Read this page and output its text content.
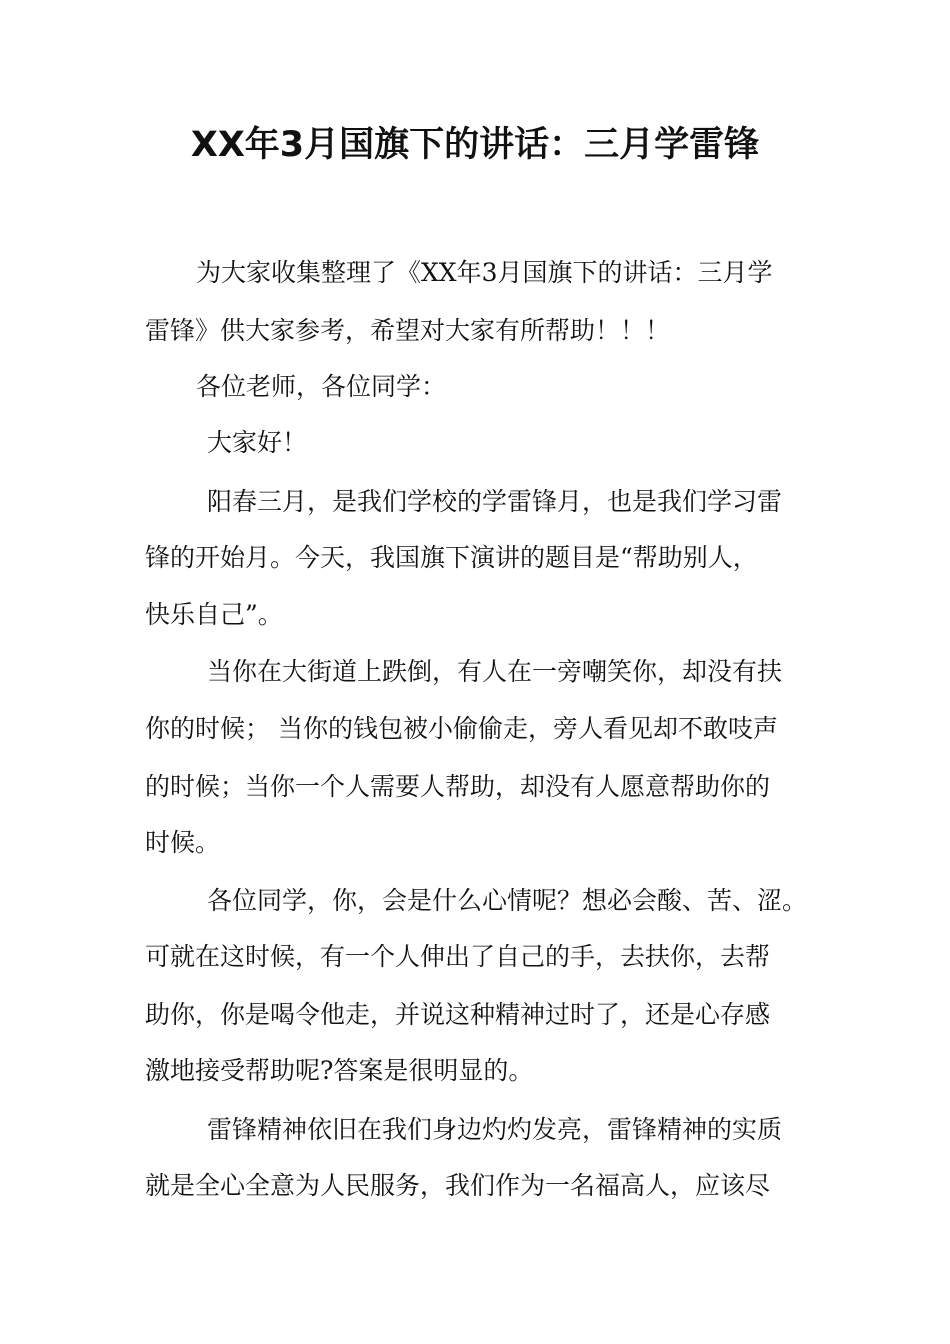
XX年3月国旗下的讲话：三月学雷锋

为大家收集整理了《XX年3月国旗下的讲话：三月学

雷锋》供大家参考，希望对大家有所帮助！！！

各位老师，各位同学：

大家好！

阳春三月，是我们学校的学雷锋月，也是我们学习雷

锋的开始月。今天，我国旗下演讲的题目是“帮助别人，

快乐自己”。

当你在大街道上跌倒，有人在一旁嘲笑你，却没有扶

你的时候； 当你的钱包被小偷偷走，旁人看见却不敢吱声

的时候；当你一个人需要人帮助，却没有人愿意帮助你的

时候。

各位同学，你，会是什么心情呢？想必会酸、苦、涩。

可就在这时候，有一个人伸出了自己的手，去扶你，去帮

助你，你是喝令他走，并说这种精神过时了，还是心存感

激地接受帮助呢?答案是很明显的。

雷锋精神依旧在我们身边灼灼发亮，雷锋精神的实质

就是全心全意为人民服务，我们作为一名福高人，应该尽
